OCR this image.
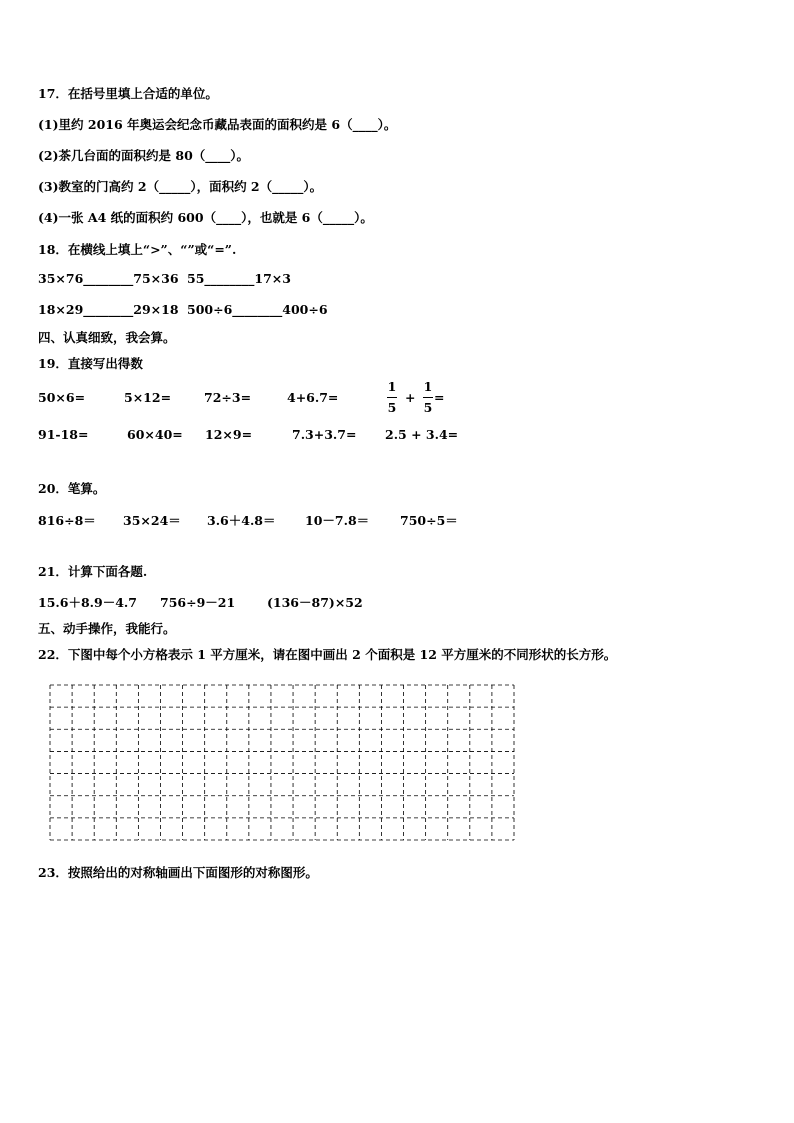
17．在括号里填上合适的单位。
(1)里约 2016 年奥运会纪念币藏品表面的面积约是 6（____）。
(2)茶几台面的面积约是 80（____）。
(3)教室的门高约 2（_____），面积约 2（_____）。
(4)一张 A4 纸的面积约 600（____），也就是 6（_____）。
18．在横线上填上“>”、“”或“=”.
35×76________75×36 55________17×3
18×29________29×18 500÷6________400÷6
四、认真细致，我会算。
19．直接写出得数
50×6=	5×12=	72÷3=	4+6.7=
1
5
+
1
5
=
91-18=	60×40= 12×9=	7.3+3.7= 2.5 + 3.4=
20．笔算。
816÷8＝ 35×24＝ 3.6＋4.8＝ 10－7.8＝ 750÷5＝
21．计算下面各题.
15.6＋8.9－4.7 756÷9－21	(136－87)×52
五、动手操作，我能行。
22．下图中每个小方格表示 1 平方厘米，请在图中画出 2 个面积是 12 平方厘米的不同形状的长方形。
23．按照给出的对称轴画出下面图形的对称图形。
